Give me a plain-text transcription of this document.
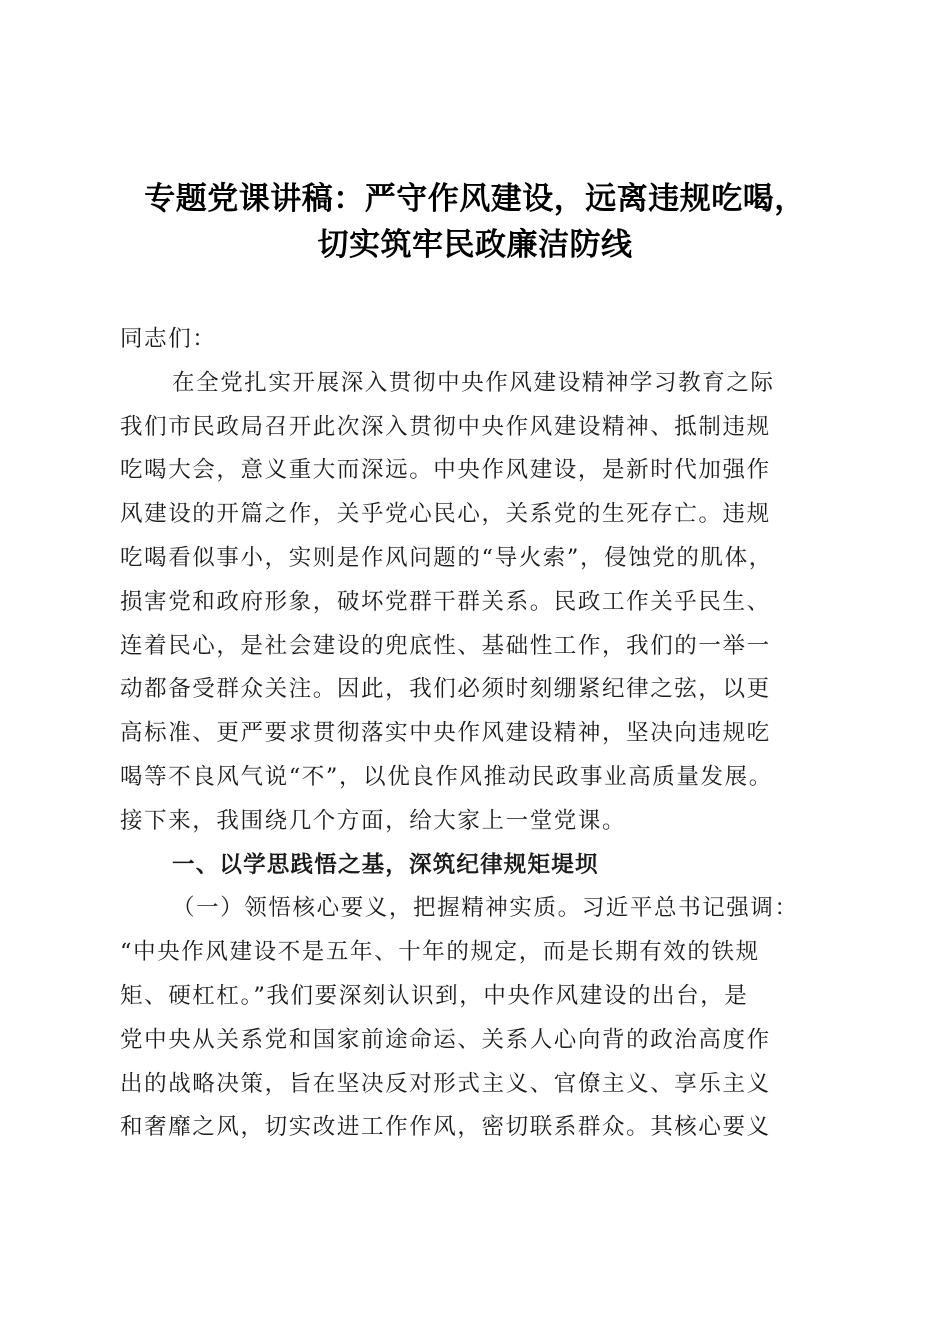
专题党课讲稿：严守作风建设，远离违规吃喝，
切实筑牢民政廉洁防线
同志们：
在全党扎实开展深入贯彻中央作风建设精神学习教育之际
我们市民政局召开此次深入贯彻中央作风建设精神、抵制违规
吃喝大会，意义重大而深远。中央作风建设，是新时代加强作
风建设的开篇之作，关乎党心民心，关系党的生死存亡。违规
吃喝看似事小，实则是作风问题的“导火索”，侵蚀党的肌体，
损害党和政府形象，破坏党群干群关系。民政工作关乎民生、
连着民心，是社会建设的兜底性、基础性工作，我们的一举一
动都备受群众关注。因此，我们必须时刻绷紧纪律之弦，以更
高标准、更严要求贯彻落实中央作风建设精神，坚决向违规吃
喝等不良风气说“不”，以优良作风推动民政事业高质量发展。
接下来，我围绕几个方面，给大家上一堂党课。
一、以学思践悟之基，深筑纪律规矩堤坝
（一）领悟核心要义，把握精神实质。习近平总书记强调：
“中央作风建设不是五年、十年的规定，而是长期有效的铁规
矩、硬杠杠。”我们要深刻认识到，中央作风建设的出台，是
党中央从关系党和国家前途命运、关系人心向背的政治高度作
出的战略决策，旨在坚决反对形式主义、官僚主义、享乐主义
和奢靡之风，切实改进工作作风，密切联系群众。其核心要义
